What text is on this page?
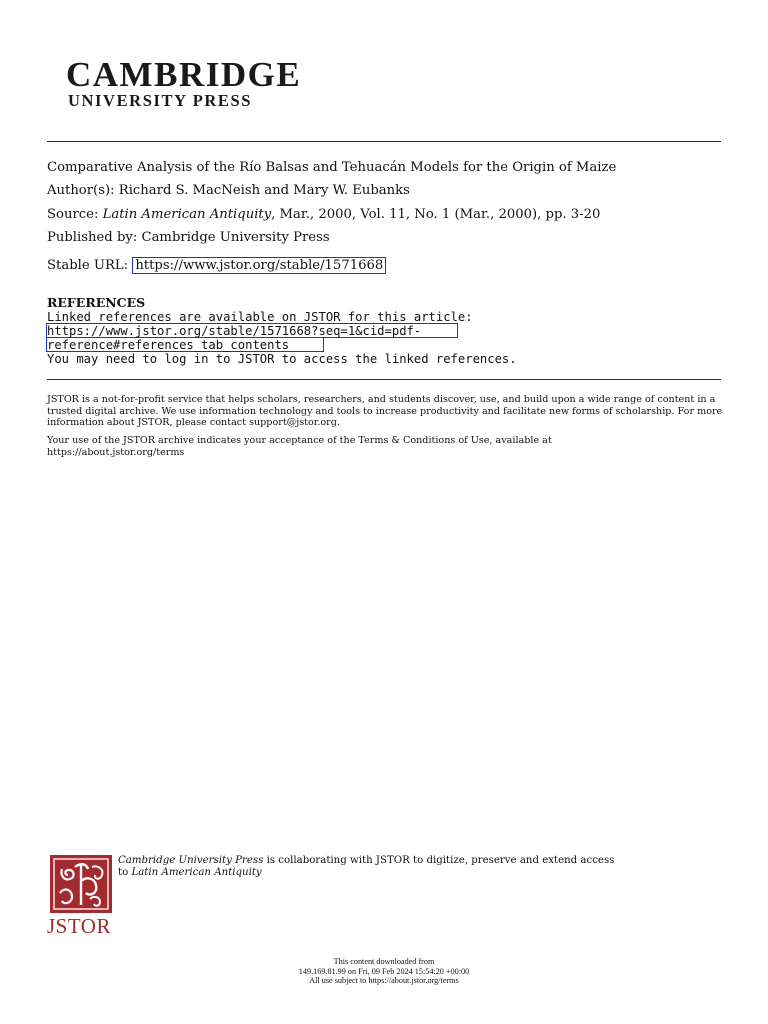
CAMBRIDGE
UNIVERSITY PRESS
Comparative Analysis of the Río Balsas and Tehuacán Models for the Origin of Maize
Author(s): Richard S. MacNeish and Mary W. Eubanks
Source: Latin American Antiquity, Mar., 2000, Vol. 11, No. 1 (Mar., 2000), pp. 3-20
Published by: Cambridge University Press
Stable URL: https://www.jstor.org/stable/1571668
REFERENCES
Linked references are available on JSTOR for this article:
https://www.jstor.org/stable/1571668?seq=1&cid=pdf-
reference#references_tab_contents
You may need to log in to JSTOR to access the linked references.

JSTOR is a not-for-profit service that helps scholars, researchers, and students discover, use, and build upon a wide range of content in a trusted digital archive. We use information technology and tools to increase productivity and facilitate new forms of scholarship. For more information about JSTOR, please contact support@jstor.org.

Your use of the JSTOR archive indicates your acceptance of the Terms & Conditions of Use, available at

https://about.jstor.org/terms

JSTOR
Cambridge University Press is collaborating with JSTOR to digitize, preserve and extend access
to Latin American Antiquity
This content downloaded from
149.169.81.99 on Fri, 09 Feb 2024 15:54:20 +00:00
All use subject to https://about.jstor.org/terms
